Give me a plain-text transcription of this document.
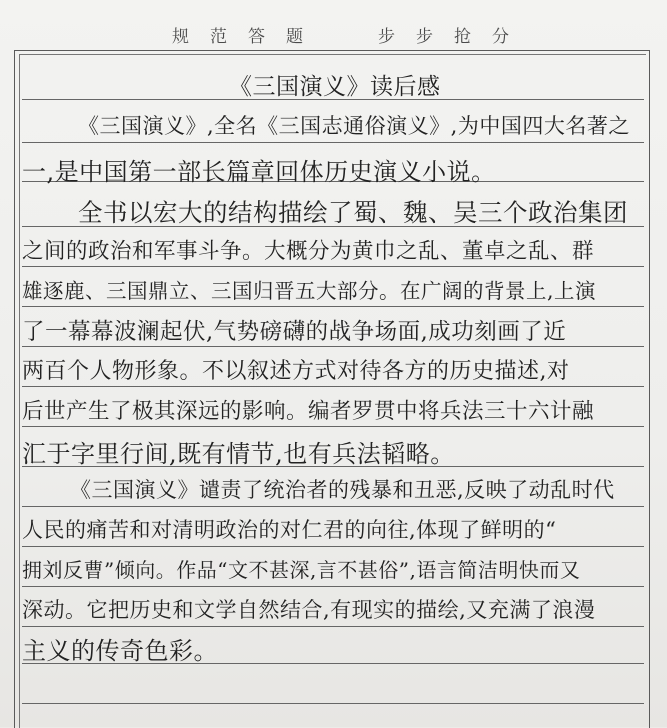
规 范 答 题	步 步 抢 分
《三国演义》读后感
《三国演义》,全名《三国志通俗演义》,为中国四大名著之
一,是中国第一部长篇章回体历史演义小说。
全书以宏大的结构描绘了蜀、魏、吴三个政治集团
之间的政治和军事斗争。大概分为黄巾之乱、董卓之乱、群
雄逐鹿、三国鼎立、三国归晋五大部分。在广阔的背景上,上演
了一幕幕波澜起伏,气势磅礴的战争场面,成功刻画了近
两百个人物形象。不以叙述方式对待各方的历史描述,对
后世产生了极其深远的影响。编者罗贯中将兵法三十六计融
汇于字里行间,既有情节,也有兵法韬略。
《三国演义》谴责了统治者的残暴和丑恶,反映了动乱时代
人民的痛苦和对清明政治的对仁君的向往,体现了鲜明的“
拥刘反曹”倾向。作品“文不甚深,言不甚俗”,语言简洁明快而又
深动。它把历史和文学自然结合,有现实的描绘,又充满了浪漫
主义的传奇色彩。
